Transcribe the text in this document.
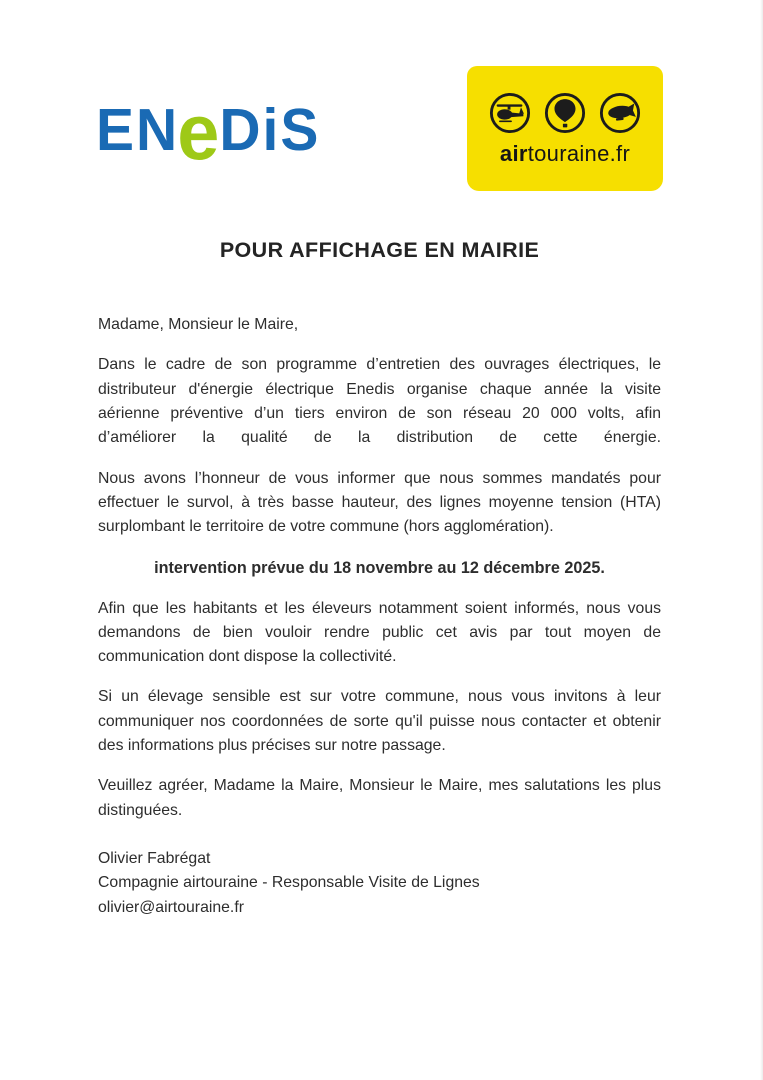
EN
e
DiS	airtouraine.fr
POUR AFFICHAGE EN MAIRIE

Madame, Monsieur le Maire,

Dans le cadre de son programme d’entretien des ouvrages électriques, le distributeur d'énergie électrique Enedis organise chaque année la visite aérienne préventive d’un tiers environ de son réseau 20 000 volts, afin d’améliorer la qualité de la distribution de cette énergie.

Nous avons l’honneur de vous informer que nous sommes mandatés pour effectuer le survol, à très basse hauteur, des lignes moyenne tension (HTA) surplombant le territoire de votre commune (hors agglomération).

intervention prévue du 18 novembre au 12 décembre 2025.

Afin que les habitants et les éleveurs notamment soient informés, nous vous demandons de bien vouloir rendre public cet avis par tout moyen de communication dont dispose la collectivité.

Si un élevage sensible est sur votre commune, nous vous invitons à leur communiquer nos coordonnées de sorte qu'il puisse nous contacter et obtenir des informations plus précises sur notre passage.

Veuillez agréer, Madame la Maire, Monsieur le Maire, mes salutations les plus distinguées.

Olivier Fabrégat

Compagnie airtouraine - Responsable Visite de Lignes

olivier@airtouraine.fr
